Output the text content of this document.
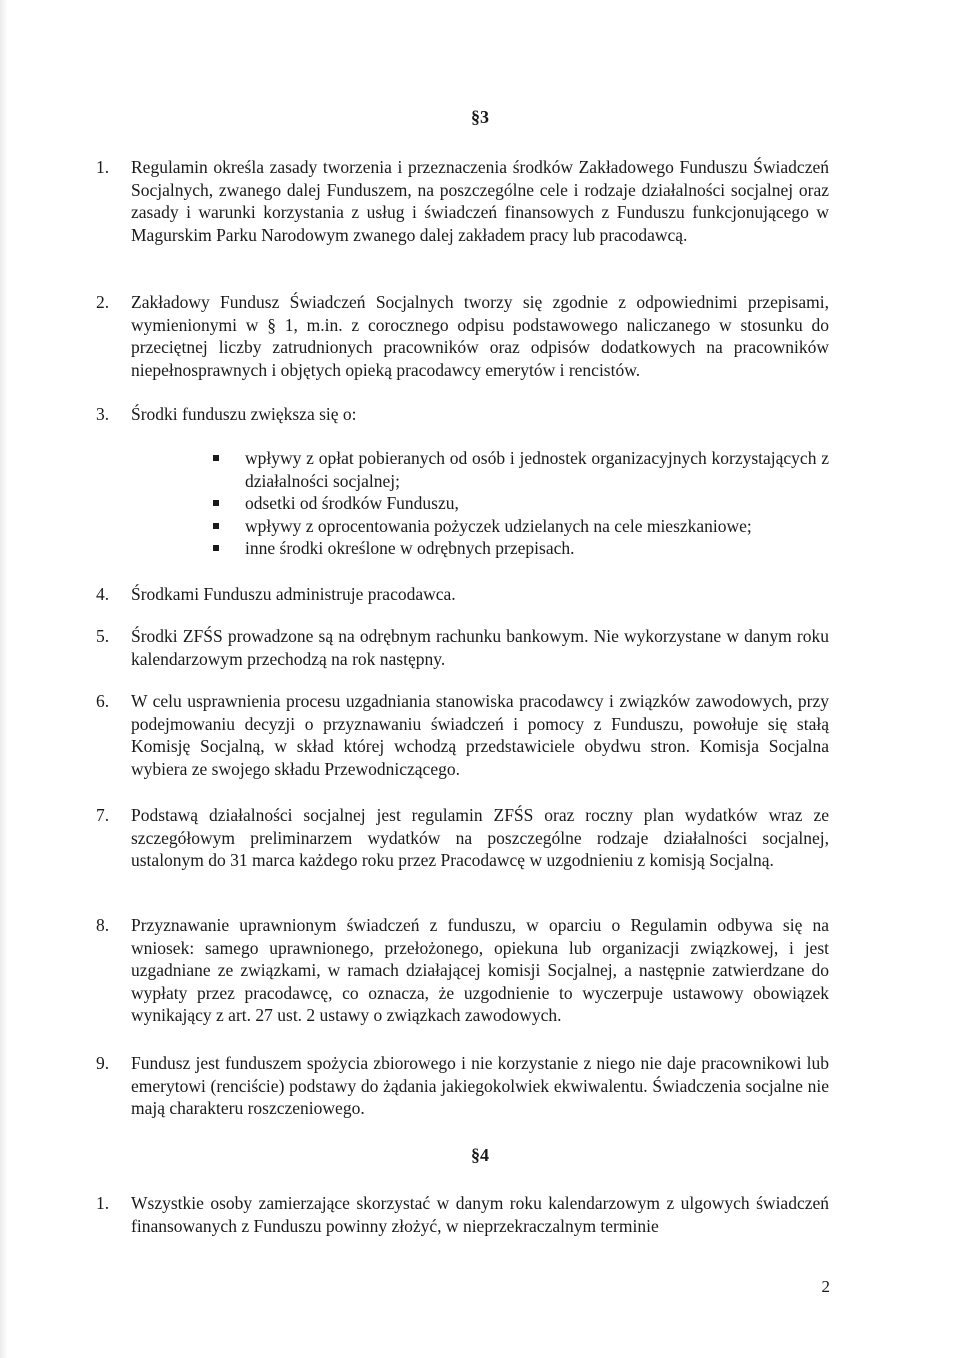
§3
1. Regulamin określa zasady tworzenia i przeznaczenia środków Zakładowego Funduszu Świadczeń Socjalnych, zwanego dalej Funduszem, na poszczególne cele i rodzaje działalności socjalnej oraz zasady i warunki korzystania z usług i świadczeń finansowych z Funduszu funkcjonującego w Magurskim Parku Narodowym zwanego dalej zakładem pracy lub pracodawcą.
2. Zakładowy Fundusz Świadczeń Socjalnych tworzy się zgodnie z odpowiednimi przepisami, wymienionymi w § 1, m.in. z corocznego odpisu podstawowego naliczanego w stosunku do przeciętnej liczby zatrudnionych pracowników oraz odpisów dodatkowych na pracowników niepełnosprawnych i objętych opieką pracodawcy emerytów i rencistów.
3. Środki funduszu zwiększa się o:
wpływy z opłat pobieranych od osób i jednostek organizacyjnych korzystających z działalności socjalnej;
odsetki od środków Funduszu,
wpływy z oprocentowania pożyczek udzielanych na cele mieszkaniowe;
inne środki określone w odrębnych przepisach.
4. Środkami Funduszu administruje pracodawca.
5. Środki ZFŚS prowadzone są na odrębnym rachunku bankowym. Nie wykorzystane w danym roku kalendarzowym przechodzą na rok następny.
6. W celu usprawnienia procesu uzgadniania stanowiska pracodawcy i związków zawodowych, przy podejmowaniu decyzji o przyznawaniu świadczeń i pomocy z Funduszu, powołuje się stałą Komisję Socjalną, w skład której wchodzą przedstawiciele obydwu stron. Komisja Socjalna wybiera ze swojego składu Przewodniczącego.
7. Podstawą działalności socjalnej jest regulamin ZFŚS oraz roczny plan wydatków wraz ze szczegółowym preliminarzem wydatków na poszczególne rodzaje działalności socjalnej, ustalonym do 31 marca każdego roku przez Pracodawcę w uzgodnieniu z komisją Socjalną.
8. Przyznawanie uprawnionym świadczeń z funduszu, w oparciu o Regulamin odbywa się na wniosek: samego uprawnionego, przełożonego, opiekuna lub organizacji związkowej, i jest uzgadniane ze związkami, w ramach działającej komisji Socjalnej, a następnie zatwierdzane do wypłaty przez pracodawcę, co oznacza, że uzgodnienie to wyczerpuje ustawowy obowiązek wynikający z art. 27 ust. 2 ustawy o związkach zawodowych.
9. Fundusz jest funduszem spożycia zbiorowego i nie korzystanie z niego nie daje pracownikowi lub emerytowi (renciście) podstawy do żądania jakiegokolwiek ekwiwalentu. Świadczenia socjalne nie mają charakteru roszczeniowego.
§4
1. Wszystkie osoby zamierzające skorzystać w danym roku kalendarzowym z ulgowych świadczeń finansowanych z Funduszu powinny złożyć, w nieprzekraczalnym terminie
2
